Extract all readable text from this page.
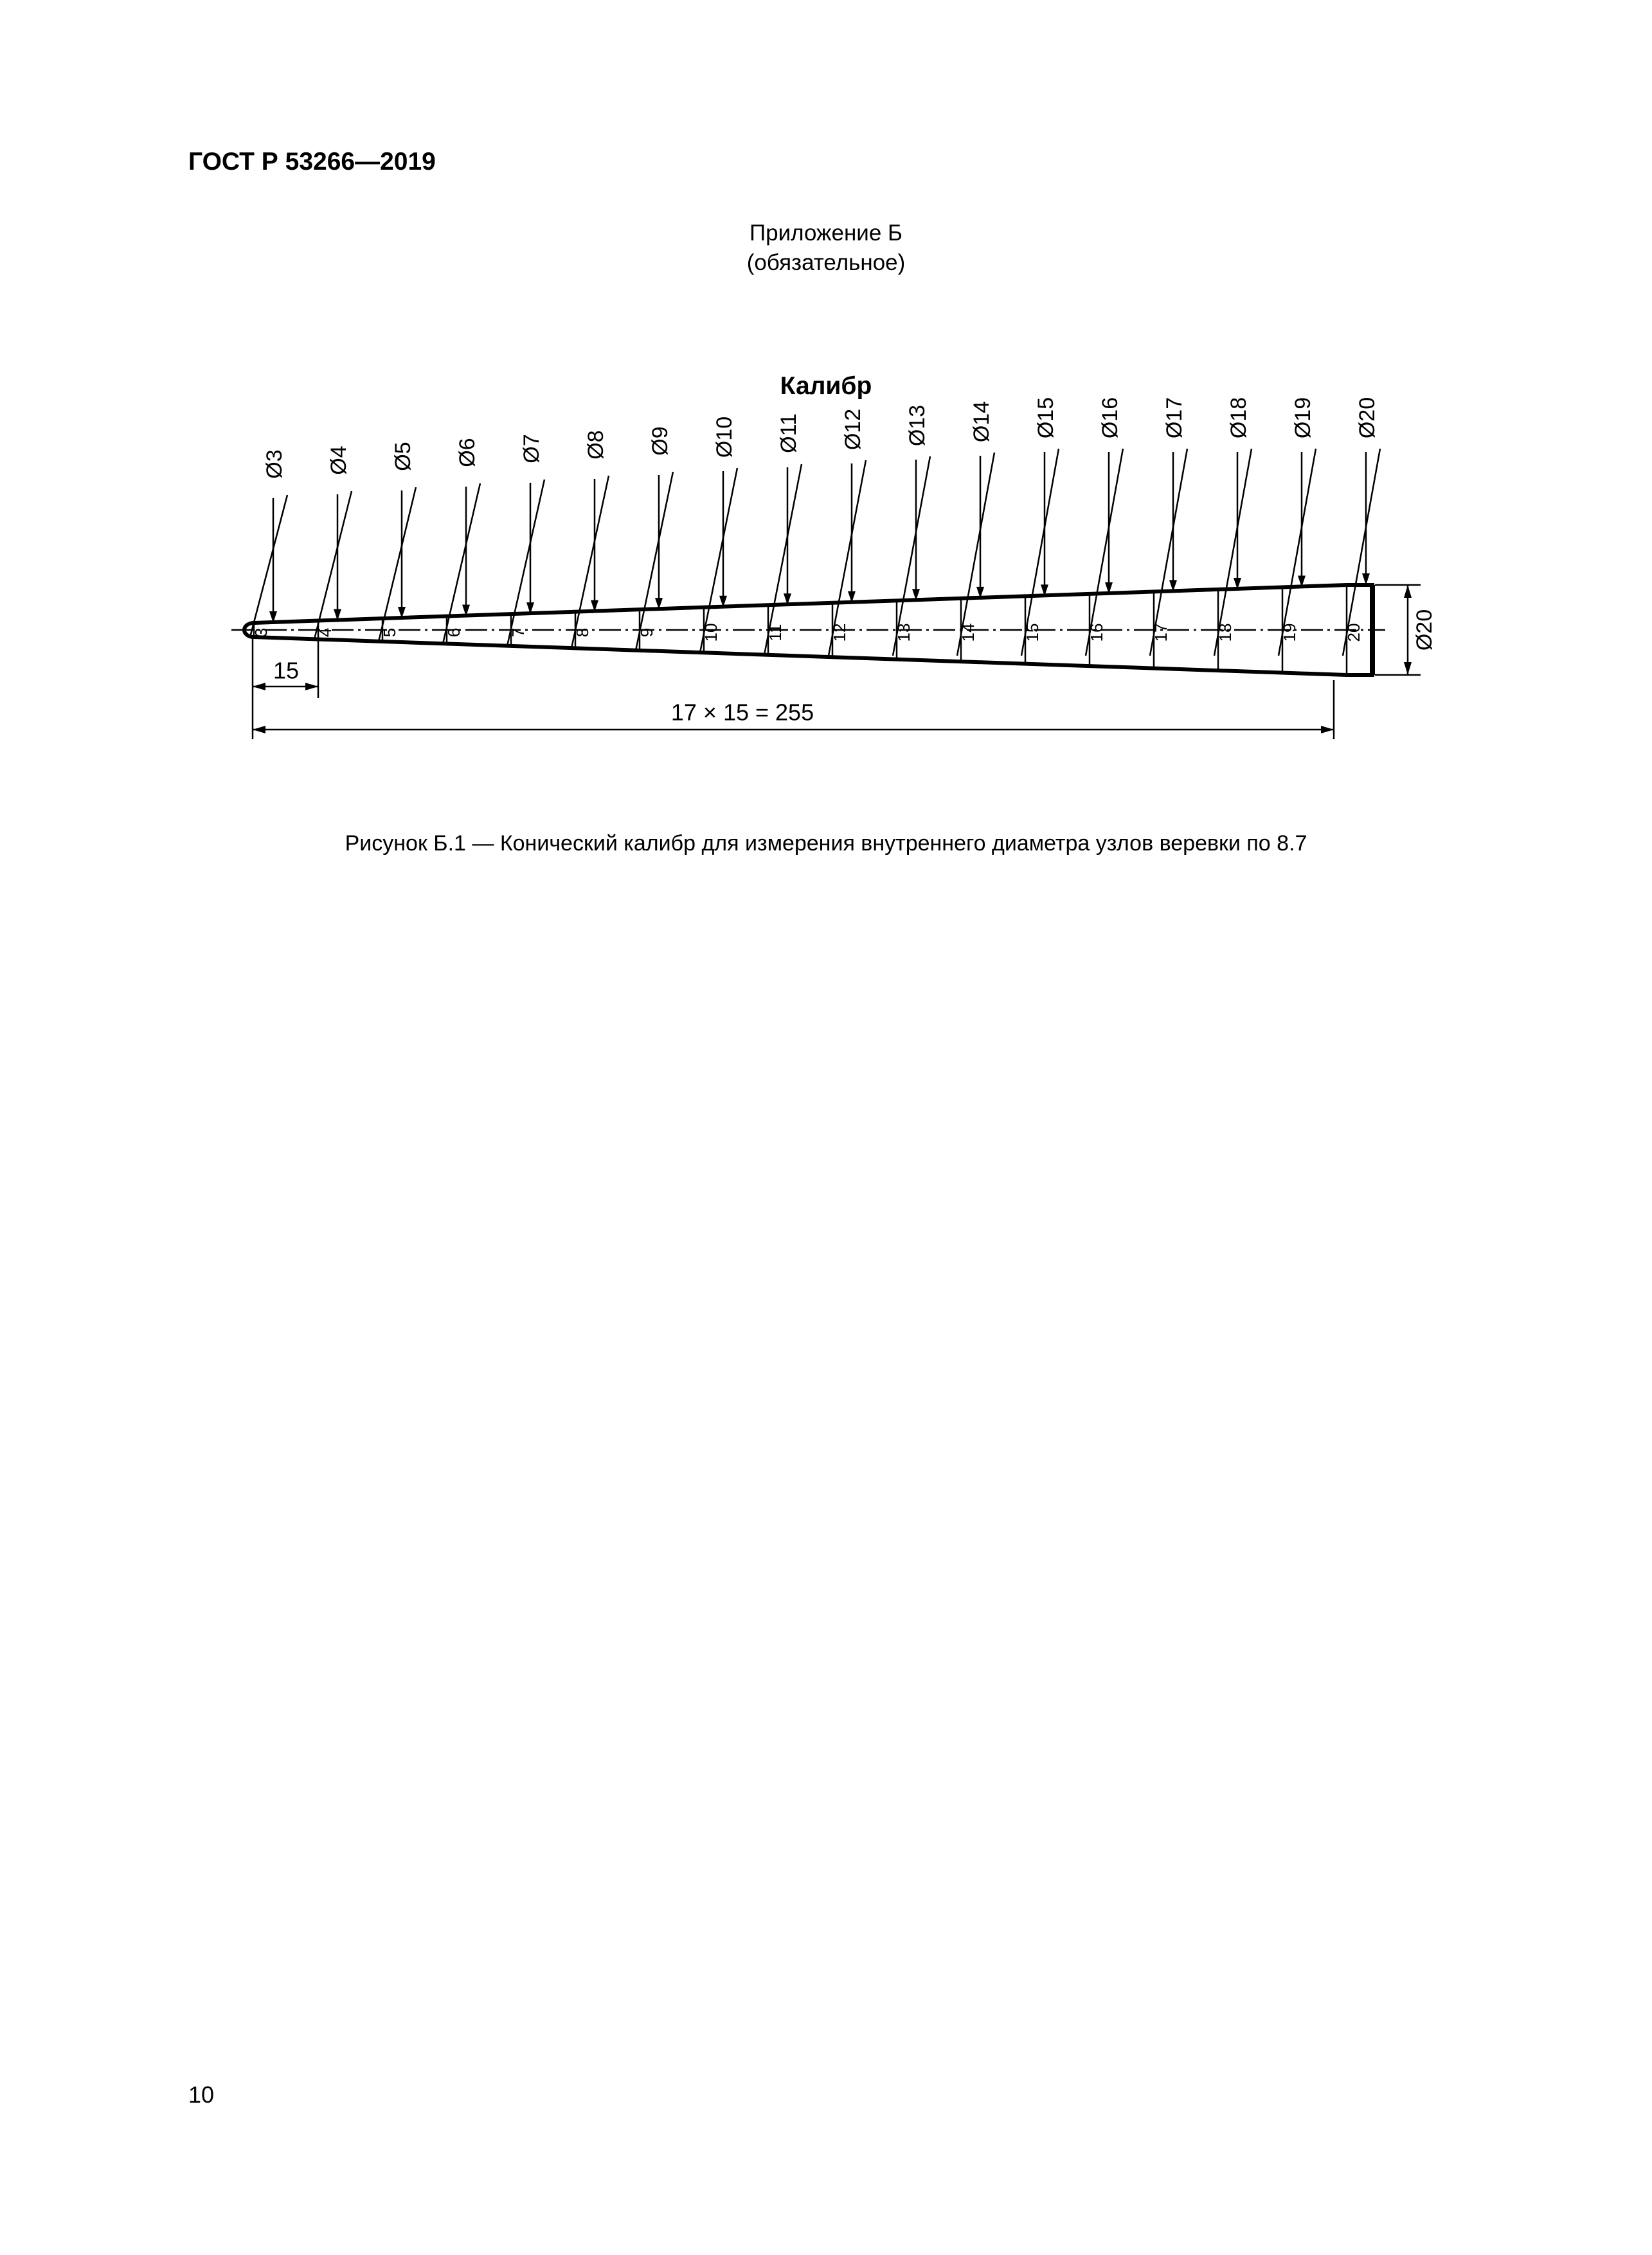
ГОСТ Р 53266—2019
Приложение Б
(обязательное)
Калибр
3	4	5	6	7	8	9	10	11	12	13	14	15	16	17	18	19	20
Ø3 Ø4 Ø5 Ø6 Ø7 Ø8 Ø9 Ø10 Ø11 Ø12 Ø13 Ø14 Ø15 Ø16 Ø17 Ø18 Ø19 Ø20
15
17 × 15 = 255
Ø20
Рисунок Б.1 — Конический калибр для измерения внутреннего диаметра узлов веревки по 8.7
10
